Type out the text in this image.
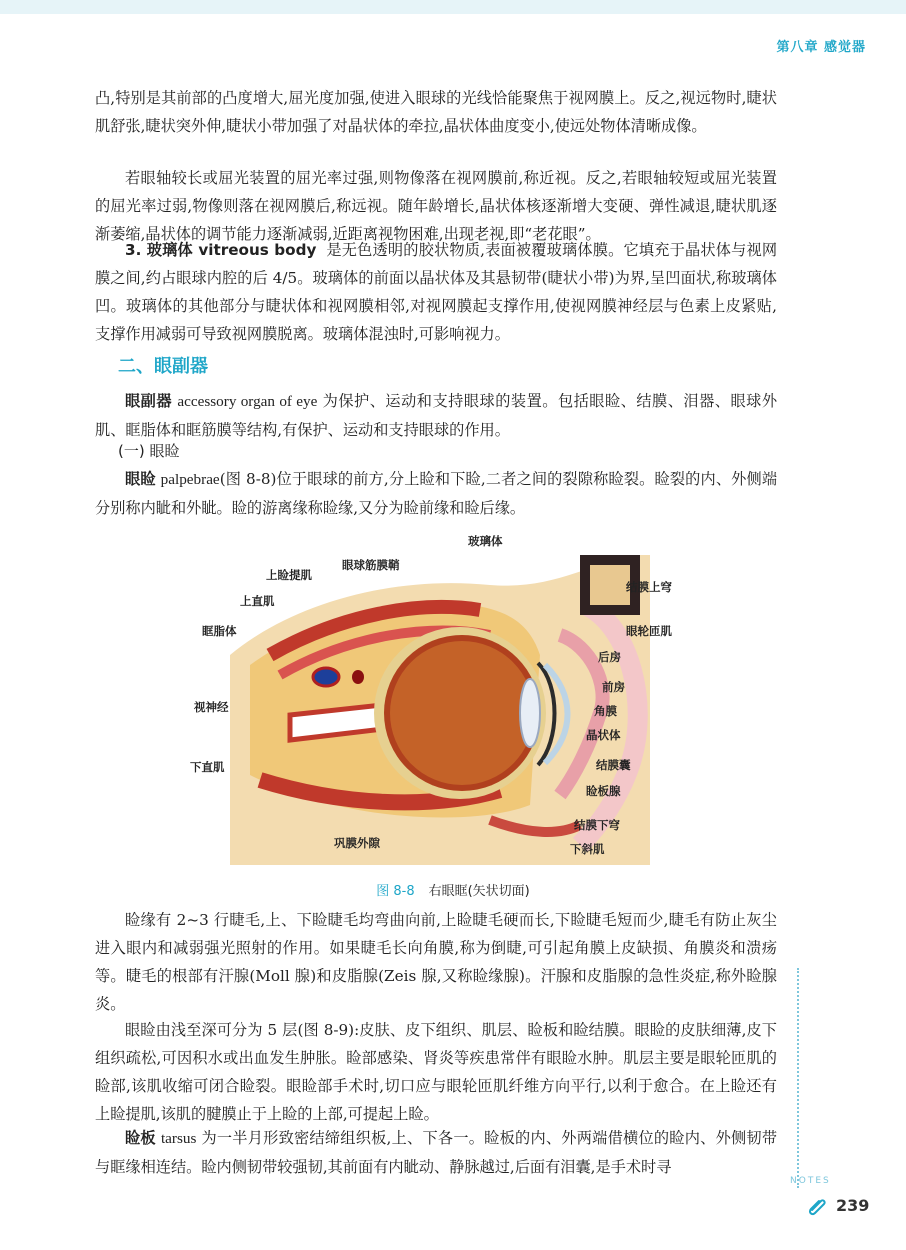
第八章 感觉器

凸,特别是其前部的凸度增大,屈光度加强,使进入眼球的光线恰能聚焦于视网膜上。反之,视远物时,睫状肌舒张,睫状突外伸,睫状小带加强了对晶状体的牵拉,晶状体曲度变小,使远处物体清晰成像。

若眼轴较长或屈光装置的屈光率过强,则物像落在视网膜前,称近视。反之,若眼轴较短或屈光装置的屈光率过弱,物像则落在视网膜后,称远视。随年龄增长,晶状体核逐渐增大变硬、弹性减退,睫状肌逐渐萎缩,晶状体的调节能力逐渐减弱,近距离视物困难,出现老视,即“老花眼”。

3. 玻璃体 vitreous body 是无色透明的胶状物质,表面被覆玻璃体膜。它填充于晶状体与视网膜之间,约占眼球内腔的后 4/5。玻璃体的前面以晶状体及其悬韧带(睫状小带)为界,呈凹面状,称玻璃体凹。玻璃体的其他部分与睫状体和视网膜相邻,对视网膜起支撑作用,使视网膜神经层与色素上皮紧贴,支撑作用减弱可导致视网膜脱离。玻璃体混浊时,可影响视力。

二、眼副器

眼副器 accessory organ of eye 为保护、运动和支持眼球的装置。包括眼睑、结膜、泪器、眼球外肌、眶脂体和眶筋膜等结构,有保护、运动和支持眼球的作用。

(一) 眼睑

眼睑 palpebrae(图 8-8)位于眼球的前方,分上睑和下睑,二者之间的裂隙称睑裂。睑裂的内、外侧端分别称内眦和外眦。睑的游离缘称睑缘,又分为睑前缘和睑后缘。

玻璃体
眼球筋膜鞘
上睑提肌
上直肌
眶脂体
视神经
下直肌
巩膜外隙
结膜上穹
眼轮匝肌
后房
前房
角膜
晶状体
结膜囊
睑板腺
结膜下穹
下斜肌
图 8-8 右眼眶(矢状切面)

睑缘有 2~3 行睫毛,上、下睑睫毛均弯曲向前,上睑睫毛硬而长,下睑睫毛短而少,睫毛有防止灰尘进入眼内和减弱强光照射的作用。如果睫毛长向角膜,称为倒睫,可引起角膜上皮缺损、角膜炎和溃疡等。睫毛的根部有汗腺(Moll 腺)和皮脂腺(Zeis 腺,又称睑缘腺)。汗腺和皮脂腺的急性炎症,称外睑腺炎。

眼睑由浅至深可分为 5 层(图 8-9):皮肤、皮下组织、肌层、睑板和睑结膜。眼睑的皮肤细薄,皮下组织疏松,可因积水或出血发生肿胀。睑部感染、肾炎等疾患常伴有眼睑水肿。肌层主要是眼轮匝肌的睑部,该肌收缩可闭合睑裂。眼睑部手术时,切口应与眼轮匝肌纤维方向平行,以利于愈合。在上睑还有上睑提肌,该肌的腱膜止于上睑的上部,可提起上睑。

睑板 tarsus 为一半月形致密结缔组织板,上、下各一。睑板的内、外两端借横位的睑内、外侧韧带与眶缘相连结。睑内侧韧带较强韧,其前面有内眦动、静脉越过,后面有泪囊,是手术时寻

NOTES
239
